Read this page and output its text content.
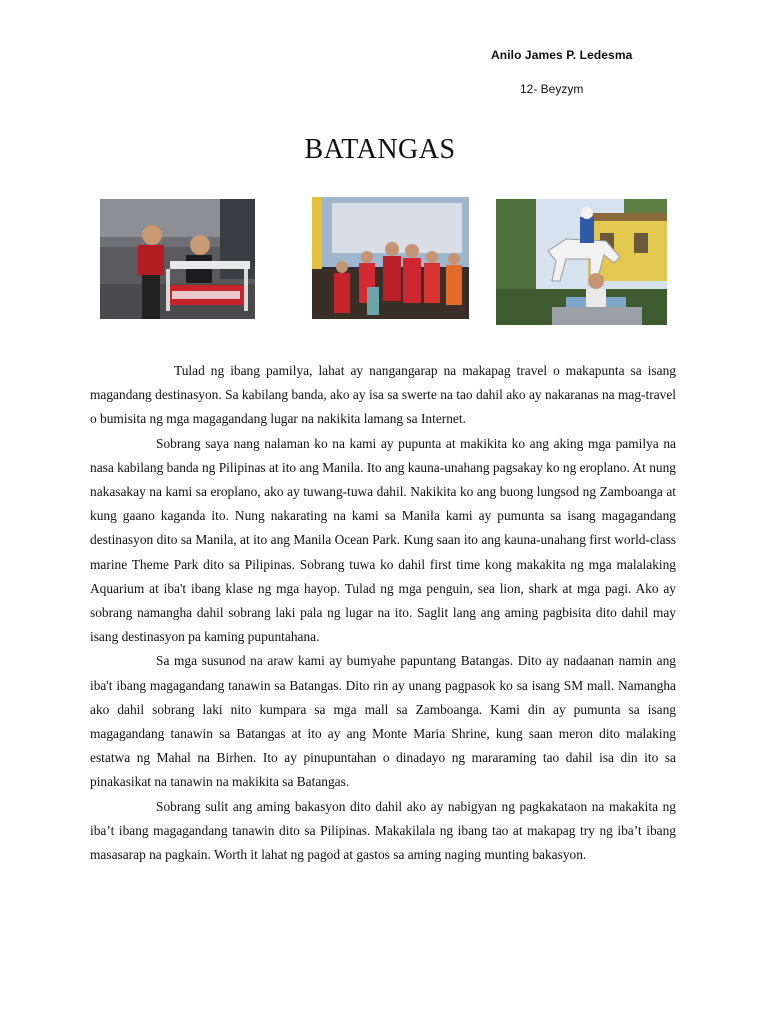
Anilo James P. Ledesma
12- Beyzym
BATANGAS

Tulad ng ibang pamilya, lahat ay nangangarap na makapag travel o makapunta sa isang magandang destinasyon. Sa kabilang banda, ako ay isa sa swerte na tao dahil ako ay nakaranas na mag-travel o bumisita ng mga magagandang lugar na nakikita lamang sa Internet.

Sobrang saya nang nalaman ko na kami ay pupunta at makikita ko ang aking mga pamilya na nasa kabilang banda ng Pilipinas at ito ang Manila. Ito ang kauna-unahang pagsakay ko ng eroplano. At nung nakasakay na kami sa eroplano, ako ay tuwang-tuwa dahil. Nakikita ko ang buong lungsod ng Zamboanga at kung gaano kaganda ito. Nung nakarating na kami sa Manila kami ay pumunta sa isang magagandang destinasyon dito sa Manila, at ito ang Manila Ocean Park. Kung saan ito ang kauna-unahang first world-class marine Theme Park dito sa Pilipinas. Sobrang tuwa ko dahil first time kong makakita ng mga malalaking Aquarium at iba't ibang klase ng mga hayop. Tulad ng mga penguin, sea lion, shark at mga pagi. Ako ay sobrang namangha dahil sobrang laki pala ng lugar na ito. Saglit lang ang aming pagbisita dito dahil may isang destinasyon pa kaming pupuntahana.

Sa mga susunod na araw kami ay bumyahe papuntang Batangas. Dito ay nadaanan namin ang iba't ibang magagandang tanawin sa Batangas. Dito rin ay unang pagpasok ko sa isang SM mall. Namangha ako dahil sobrang laki nito kumpara sa mga mall sa Zamboanga. Kami din ay pumunta sa isang magagandang tanawin sa Batangas at ito ay ang Monte Maria Shrine, kung saan meron dito malaking estatwa ng Mahal na Birhen. Ito ay pinupuntahan o dinadayo ng mararaming tao dahil isa din ito sa pinakasikat na tanawin na makikita sa Batangas.

Sobrang sulit ang aming bakasyon dito dahil ako ay nabigyan ng pagkakataon na makakita ng iba’t ibang magagandang tanawin dito sa Pilipinas. Makakilala ng ibang tao at makapag try ng iba’t ibang masasarap na pagkain. Worth it lahat ng pagod at gastos sa aming naging munting bakasyon.
